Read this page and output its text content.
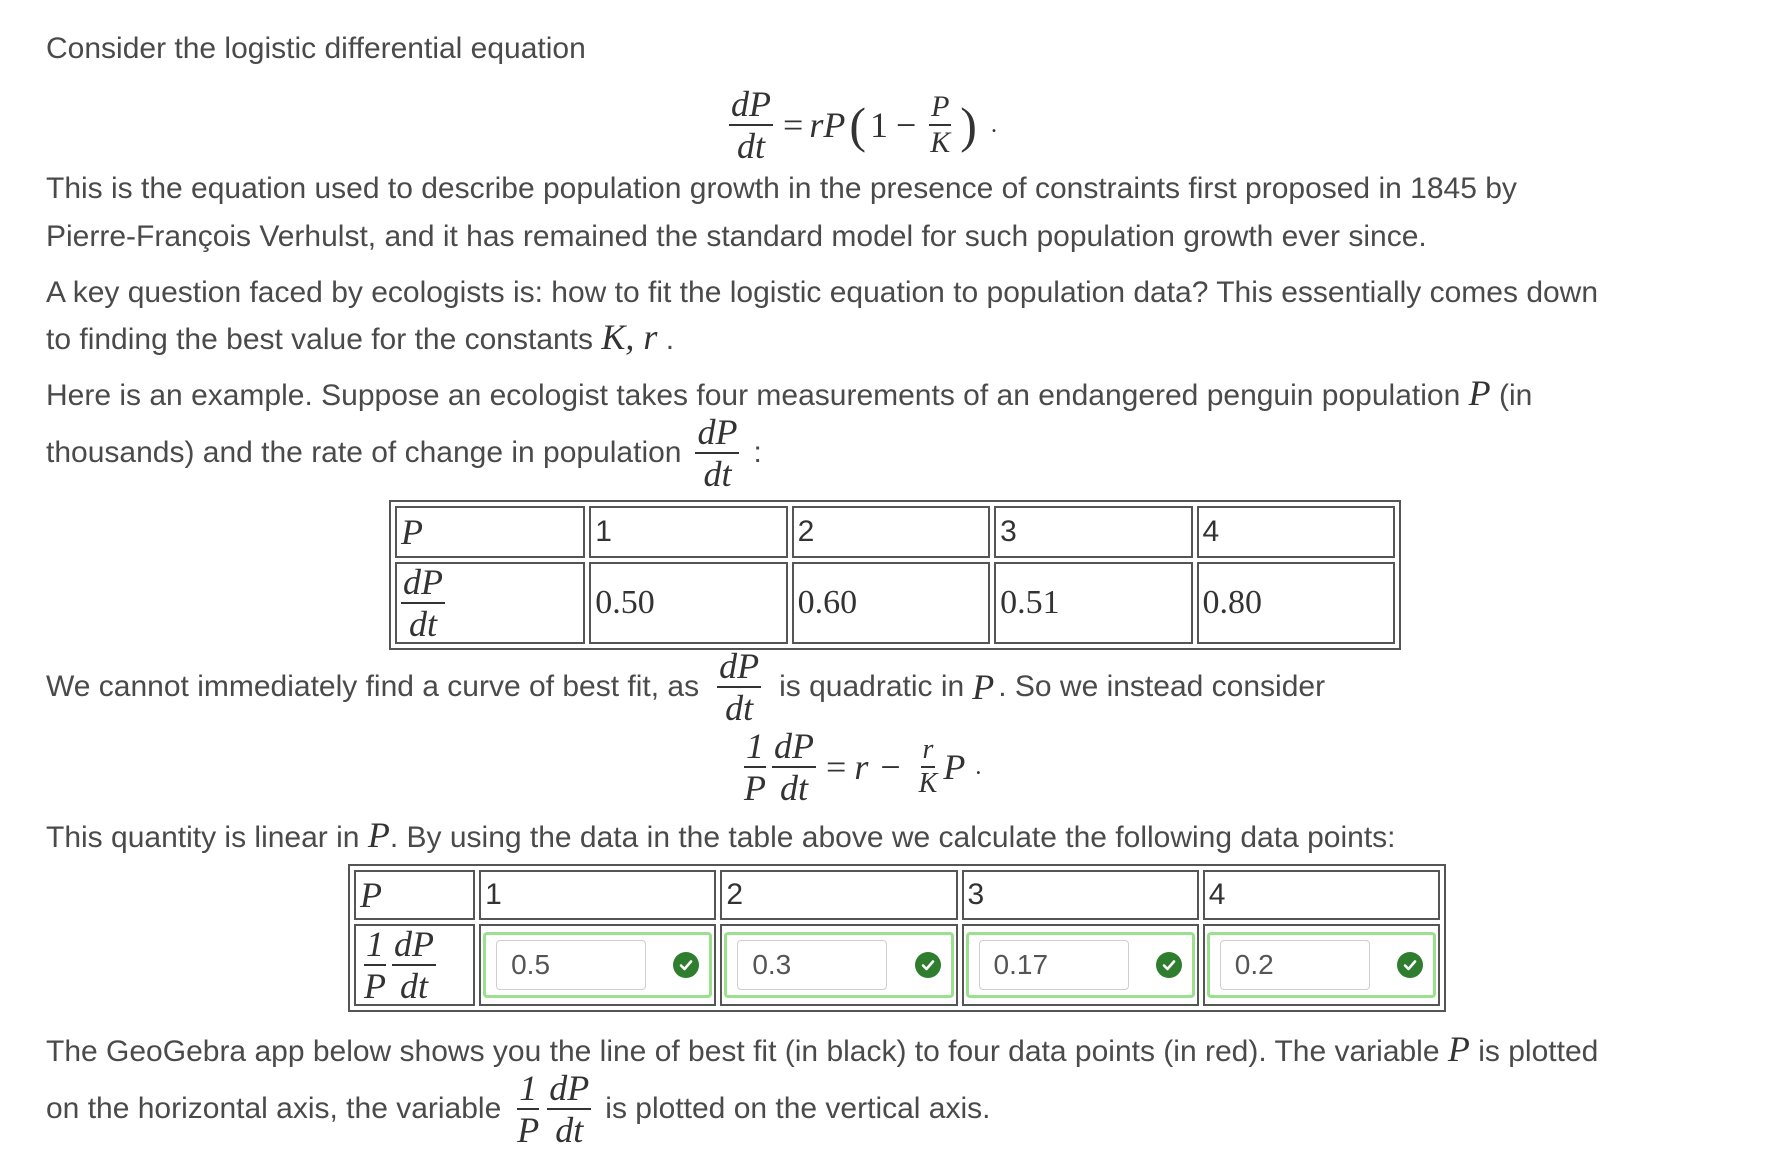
Consider the logistic differential equation
$\frac{dP}{dt}$ = rP ( $1 - \frac{P}{K}$ ) .
This is the equation used to describe population growth in the presence of constraints first proposed in 1845 by
Pierre-François Verhulst, and it has remained the standard model for such population growth ever since.
A key question faced by ecologists is: how to fit the logistic equation to population data? This essentially comes down
to finding the best value for the constants K, r .
Here is an example. Suppose an ecologist takes four measurements of an endangered penguin population P (in
thousands) and the rate of change in population $\frac{dP}{dt}$ :
P	1	2	3	4

$\frac{dP}{dt}$	0.50	0.60	0.51	0.80
We cannot immediately find a curve of best fit, as $\frac{dP}{dt}$ is quadratic in P . So we instead consider
$\frac{1}{P} \frac{dP}{dt} = r - \frac{r}{K}$ P .
This quantity is linear in P. By using the data in the table above we calculate the following data points:
P	1	2	3	4

$\frac{1}{P} \frac{dP}{dt}$	0.5	0.3	0.17	0.2
The GeoGebra app below shows you the line of best fit (in black) to four data points (in red). The variable P is plotted
on the horizontal axis, the variable $\frac{1}{P} \frac{dP}{dt}$ is plotted on the vertical axis.
